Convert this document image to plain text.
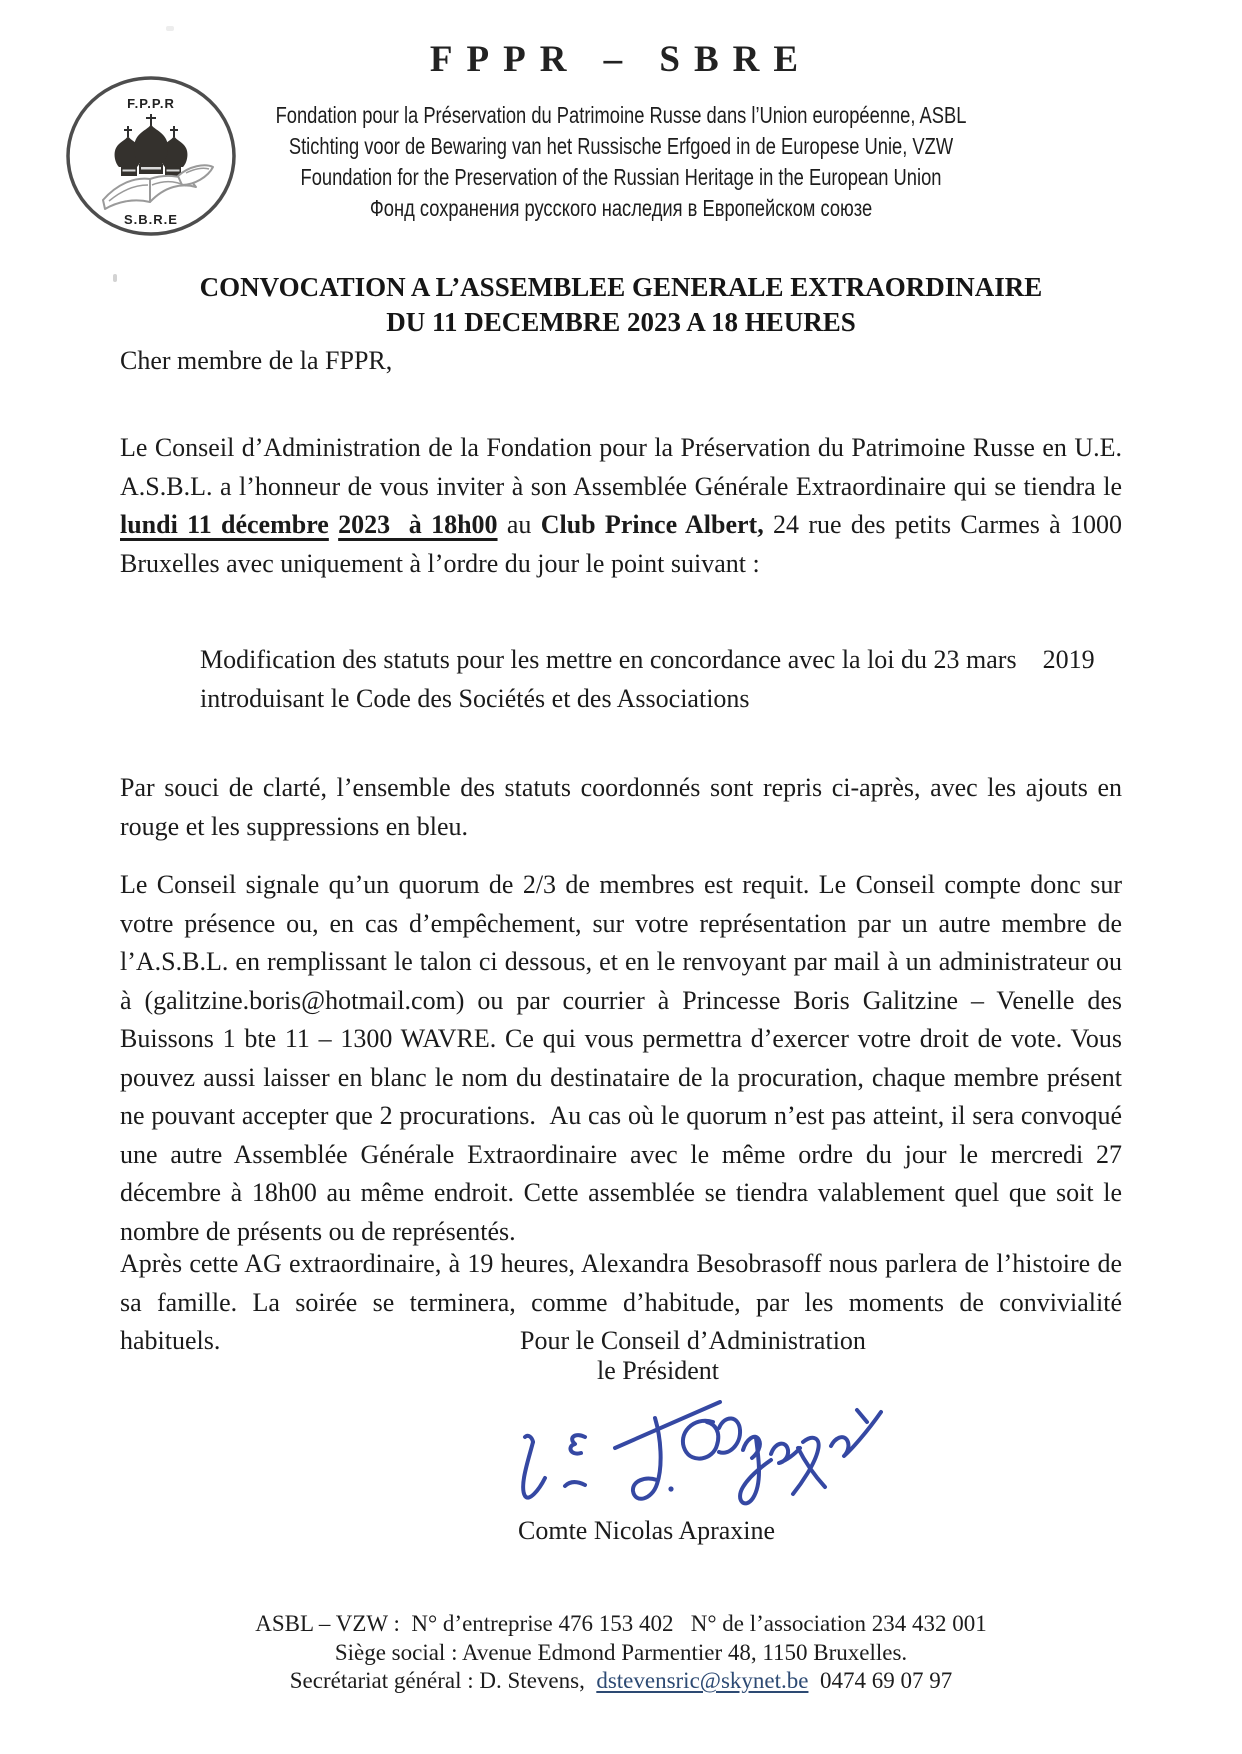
FPPR – SBRE
F.P.P.R
S.B.R.E
Fondation pour la Préservation du Patrimoine Russe dans l’Union européenne, ASBL
Stichting voor de Bewaring van het Russische Erfgoed in de Europese Unie, VZW
Foundation for the Preservation of the Russian Heritage in the European Union
Фонд сохранения русского наследия в Европейском союзе
CONVOCATION A L’ASSEMBLEE GENERALE EXTRAORDINAIRE
DU 11 DECEMBRE 2023 A 18 HEURES
Cher membre de la FPPR,

Le Conseil d’Administration de la Fondation pour la Préservation du Patrimoine Russe en U.E. A.S.B.L. a l’honneur de vous inviter à son Assemblée Générale Extraordinaire qui se tiendra le lundi 11 décembre 2023  à 18h00 au Club Prince Albert, 24 rue des petits Carmes à 1000 Bruxelles avec uniquement à l’ordre du jour le point suivant :

Modification des statuts pour les mettre en concordance avec la loi du 23 mars    2019
introduisant le Code des Sociétés et des Associations

Par souci de clarté, l’ensemble des statuts coordonnés sont repris ci-après, avec les ajouts en rouge et les suppressions en bleu.

Le Conseil signale qu’un quorum de 2/3 de membres est requit. Le Conseil compte donc sur votre présence ou, en cas d’empêchement, sur votre représentation par un autre membre de l’A.S.B.L. en remplissant le talon ci dessous, et en le renvoyant par mail à un administrateur ou à (galitzine.boris@hotmail.com) ou par courrier à Princesse Boris Galitzine – Venelle des Buissons 1 bte 11 – 1300 WAVRE. Ce qui vous permettra d’exercer votre droit de vote. Vous pouvez aussi laisser en blanc le nom du destinataire de la procuration, chaque membre présent ne pouvant accepter que 2 procurations.  Au cas où le quorum n’est pas atteint, il sera convoqué une autre Assemblée Générale Extraordinaire avec le même ordre du jour le mercredi 27 décembre à 18h00 au même endroit. Cette assemblée se tiendra valablement quel que soit le nombre de présents ou de représentés.

Après cette AG extraordinaire, à 19 heures, Alexandra Besobrasoff nous parlera de l’histoire de sa famille. La soirée se terminera, comme d’habitude, par les moments de convivialité habituels.	Pour le Conseil d’Administration
le Président
Comte Nicolas Apraxine
ASBL – VZW :  N° d’entreprise 476 153 402   N° de l’association 234 432 001
Siège social : Avenue Edmond Parmentier 48, 1150 Bruxelles.
Secrétariat général : D. Stevens,  dstevensric@skynet.be  0474 69 07 97
